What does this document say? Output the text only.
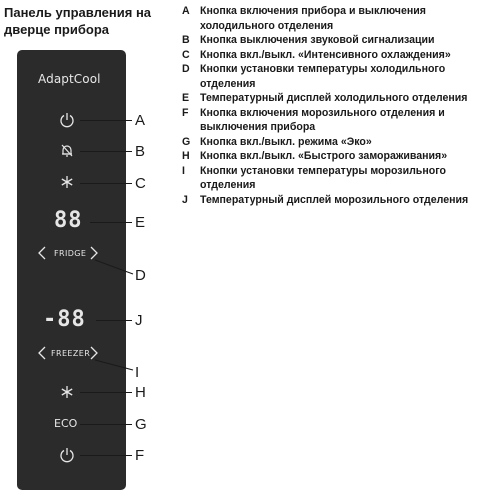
Панель управления на дверце прибора
AdaptCool
88
FRIDGE
-88
FREEZER
ECO
A
B
C
E
D
J
I
H
G
F
A Кнопка включения прибора и выключения холодильного отделения
B Кнопка выключения звуковой сигнализации
C Кнопка вкл./выкл. «Интенсивного охлаждения»
D Кнопки установки температуры холодильного отделения
E	Температурный дисплей холодильного отделения
F	Кнопка включения морозильного отделения и выключения прибора
G Кнопка вкл./выкл. режима «Эко»
H Кнопка вкл./выкл. «Быстрого замораживания»
I	Кнопки установки температуры морозильного отделения
J	Температурный дисплей морозильного отделения
